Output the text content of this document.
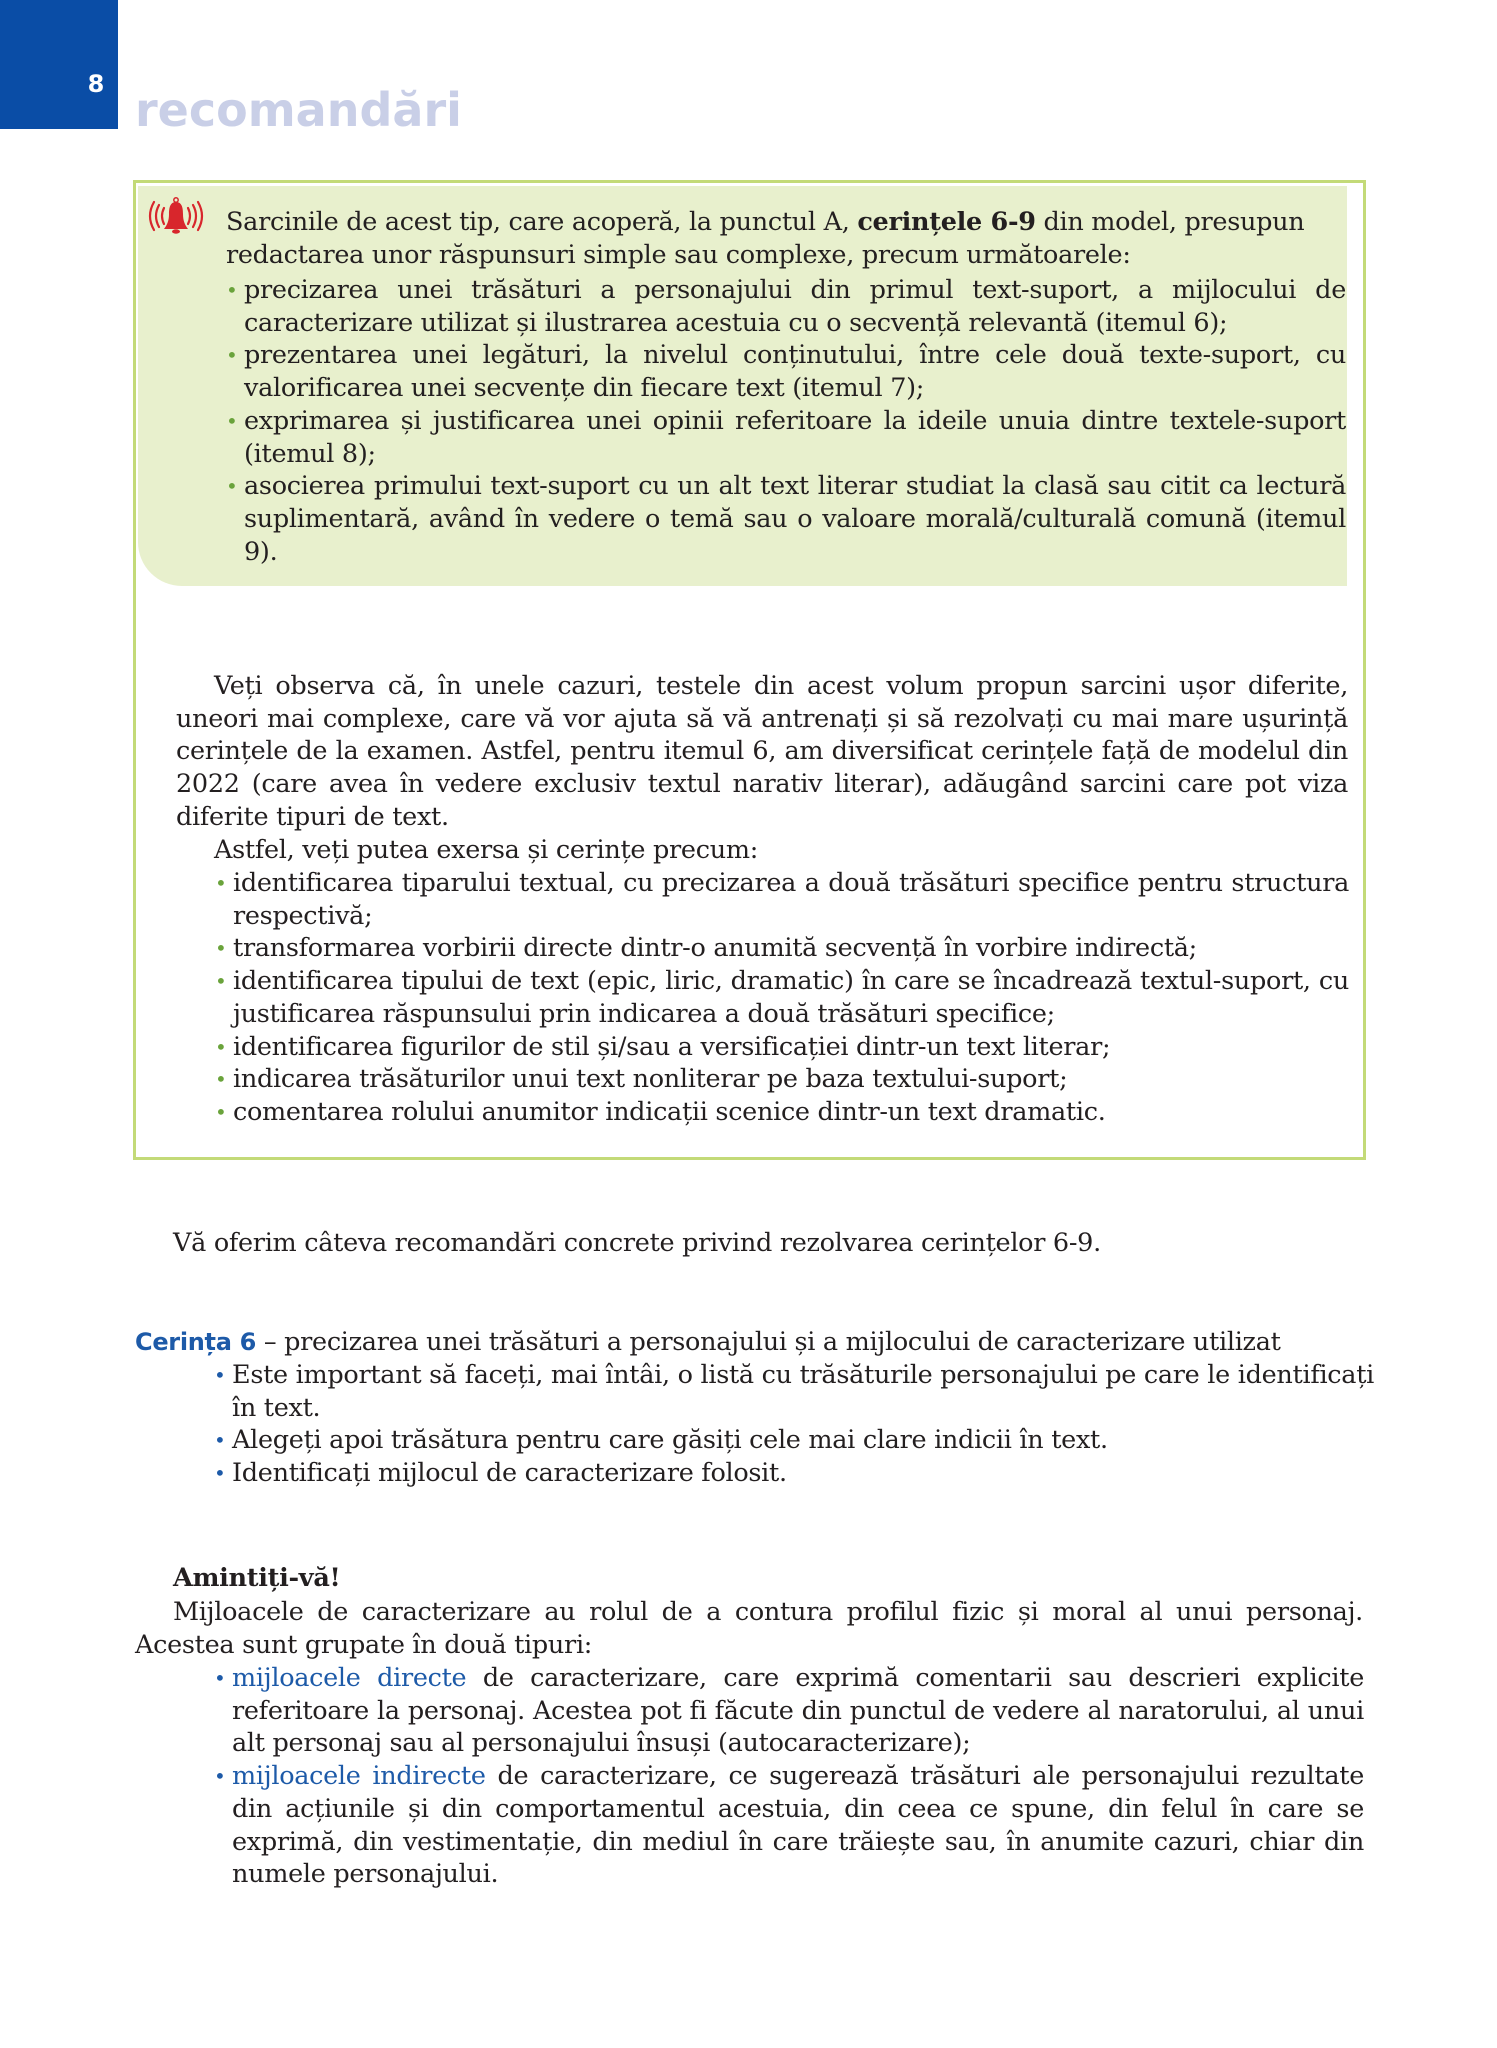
8 recomandări
Sarcinile de acest tip, care acoperă, la punctul A, cerințele 6-9 din model, presupun redactarea unor răspunsuri simple sau complexe, precum următoarele:
• precizarea unei trăsături a personajului din primul text-suport, a mijlocului de caracterizare utilizat și ilustrarea acestuia cu o secvență relevantă (itemul 6);
• prezentarea unei legături, la nivelul conținutului, între cele două texte-suport, cu valorificarea unei secvențe din fiecare text (itemul 7);
• exprimarea și justificarea unei opinii referitoare la ideile unuia dintre textele-suport (itemul 8);
• asocierea primului text-suport cu un alt text literar studiat la clasă sau citit ca lectură suplimentară, având în vedere o temă sau o valoare morală/culturală comună (itemul 9).
Veți observa că, în unele cazuri, testele din acest volum propun sarcini ușor diferite, uneori mai complexe, care vă vor ajuta să vă antrenați și să rezolvați cu mai mare ușurință cerințele de la examen. Astfel, pentru itemul 6, am diversificat cerințele față de modelul din 2022 (care avea în vedere exclusiv textul narativ literar), adăugând sarcini care pot viza diferite tipuri de text.
Astfel, veți putea exersa și cerințe precum:
• identificarea tiparului textual, cu precizarea a două trăsături specifice pentru structura respectivă;
• transformarea vorbirii directe dintr-o anumită secvență în vorbire indirectă;
• identificarea tipului de text (epic, liric, dramatic) în care se încadrează textul-suport, cu justificarea răspunsului prin indicarea a două trăsături specifice;
• identificarea figurilor de stil și/sau a versificației dintr-un text literar;
• indicarea trăsăturilor unui text nonliterar pe baza textului-suport;
• comentarea rolului anumitor indicații scenice dintr-un text dramatic.
Vă oferim câteva recomandări concrete privind rezolvarea cerințelor 6-9.
Cerința 6 – precizarea unei trăsături a personajului și a mijlocului de caracterizare utilizat
• Este important să faceți, mai întâi, o listă cu trăsăturile personajului pe care le identificați în text.
• Alegeți apoi trăsătura pentru care găsiți cele mai clare indicii în text.
• Identificați mijlocul de caracterizare folosit.
Amintiți-vă!
Mijloacele de caracterizare au rolul de a contura profilul fizic și moral al unui personaj. Acestea sunt grupate în două tipuri:
• mijloacele directe de caracterizare, care exprimă comentarii sau descrieri explicite referitoare la personaj. Acestea pot fi făcute din punctul de vedere al naratorului, al unui alt personaj sau al personajului însuși (autocaracterizare);
• mijloacele indirecte de caracterizare, ce sugerează trăsături ale personajului rezultate din acțiunile și din comportamentul acestuia, din ceea ce spune, din felul în care se exprimă, din vestimentație, din mediul în care trăiește sau, în anumite cazuri, chiar din numele personajului.
